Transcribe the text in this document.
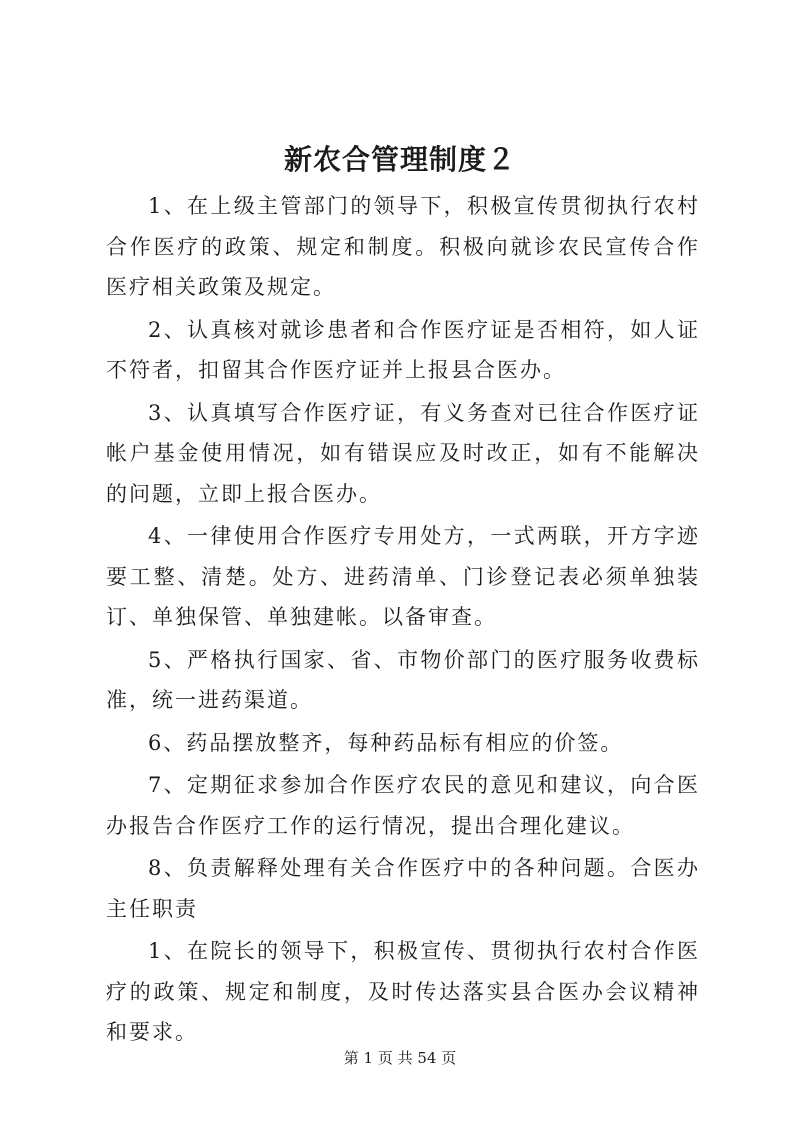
新农合管理制度２

1、在上级主管部门的领导下，积极宣传贯彻执行农村合作医疗的政策、规定和制度。积极向就诊农民宣传合作医疗相关政策及规定。

2、认真核对就诊患者和合作医疗证是否相符，如人证不符者，扣留其合作医疗证并上报县合医办。

3、认真填写合作医疗证，有义务查对已往合作医疗证帐户基金使用情况，如有错误应及时改正，如有不能解决的问题，立即上报合医办。

4、一律使用合作医疗专用处方，一式两联，开方字迹要工整、清楚。处方、进药清单、门诊登记表必须单独装订、单独保管、单独建帐。以备审查。

5、严格执行国家、省、市物价部门的医疗服务收费标准，统一进药渠道。

6、药品摆放整齐，每种药品标有相应的价签。

7、定期征求参加合作医疗农民的意见和建议，向合医办报告合作医疗工作的运行情况，提出合理化建议。

8、负责解释处理有关合作医疗中的各种问题。合医办主任职责

1、在院长的领导下，积极宣传、贯彻执行农村合作医疗的政策、规定和制度，及时传达落实县合医办会议精神和要求。

第 1 页 共 54 页
